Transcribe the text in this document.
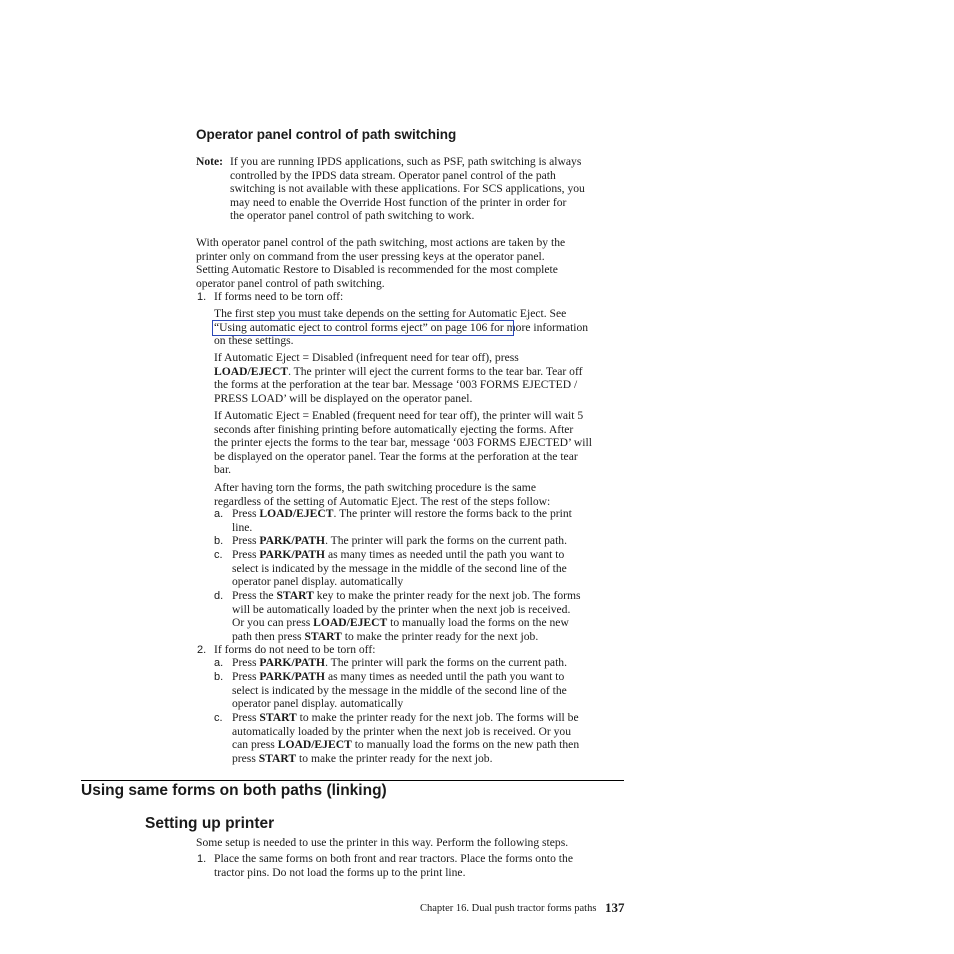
Operator panel control of path switching
Note: If you are running IPDS applications, such as PSF, path switching is always
controlled by the IPDS data stream. Operator panel control of the path
switching is not available with these applications. For SCS applications, you
may need to enable the Override Host function of the printer in order for
the operator panel control of path switching to work.
With operator panel control of the path switching, most actions are taken by the
printer only on command from the user pressing keys at the operator panel.
Setting Automatic Restore to Disabled is recommended for the most complete
operator panel control of path switching.
1. If forms need to be torn off:
The first step you must take depends on the setting for Automatic Eject. See
“Using automatic eject to control forms eject” on page 106 for more information
on these settings.
If Automatic Eject = Disabled (infrequent need for tear off), press
LOAD/EJECT. The printer will eject the current forms to the tear bar. Tear off
the forms at the perforation at the tear bar. Message ‘003 FORMS EJECTED /
PRESS LOAD’ will be displayed on the operator panel.
If Automatic Eject = Enabled (frequent need for tear off), the printer will wait 5
seconds after finishing printing before automatically ejecting the forms. After
the printer ejects the forms to the tear bar, message ‘003 FORMS EJECTED’ will
be displayed on the operator panel. Tear the forms at the perforation at the tear
bar.
After having torn the forms, the path switching procedure is the same
regardless of the setting of Automatic Eject. The rest of the steps follow:
a. Press LOAD/EJECT. The printer will restore the forms back to the print
line.
b. Press PARK/PATH. The printer will park the forms on the current path.
c. Press PARK/PATH as many times as needed until the path you want to
select is indicated by the message in the middle of the second line of the
operator panel display. automatically
d. Press the START key to make the printer ready for the next job. The forms
will be automatically loaded by the printer when the next job is received.
Or you can press LOAD/EJECT to manually load the forms on the new
path then press START to make the printer ready for the next job.
2. If forms do not need to be torn off:
a. Press PARK/PATH. The printer will park the forms on the current path.
b. Press PARK/PATH as many times as needed until the path you want to
select is indicated by the message in the middle of the second line of the
operator panel display. automatically
c. Press START to make the printer ready for the next job. The forms will be
automatically loaded by the printer when the next job is received. Or you
can press LOAD/EJECT to manually load the forms on the new path then
press START to make the printer ready for the next job.
Using same forms on both paths (linking)
Setting up printer
Some setup is needed to use the printer in this way. Perform the following steps.
1. Place the same forms on both front and rear tractors. Place the forms onto the
tractor pins. Do not load the forms up to the print line.
Chapter 16. Dual push tractor forms paths 137
